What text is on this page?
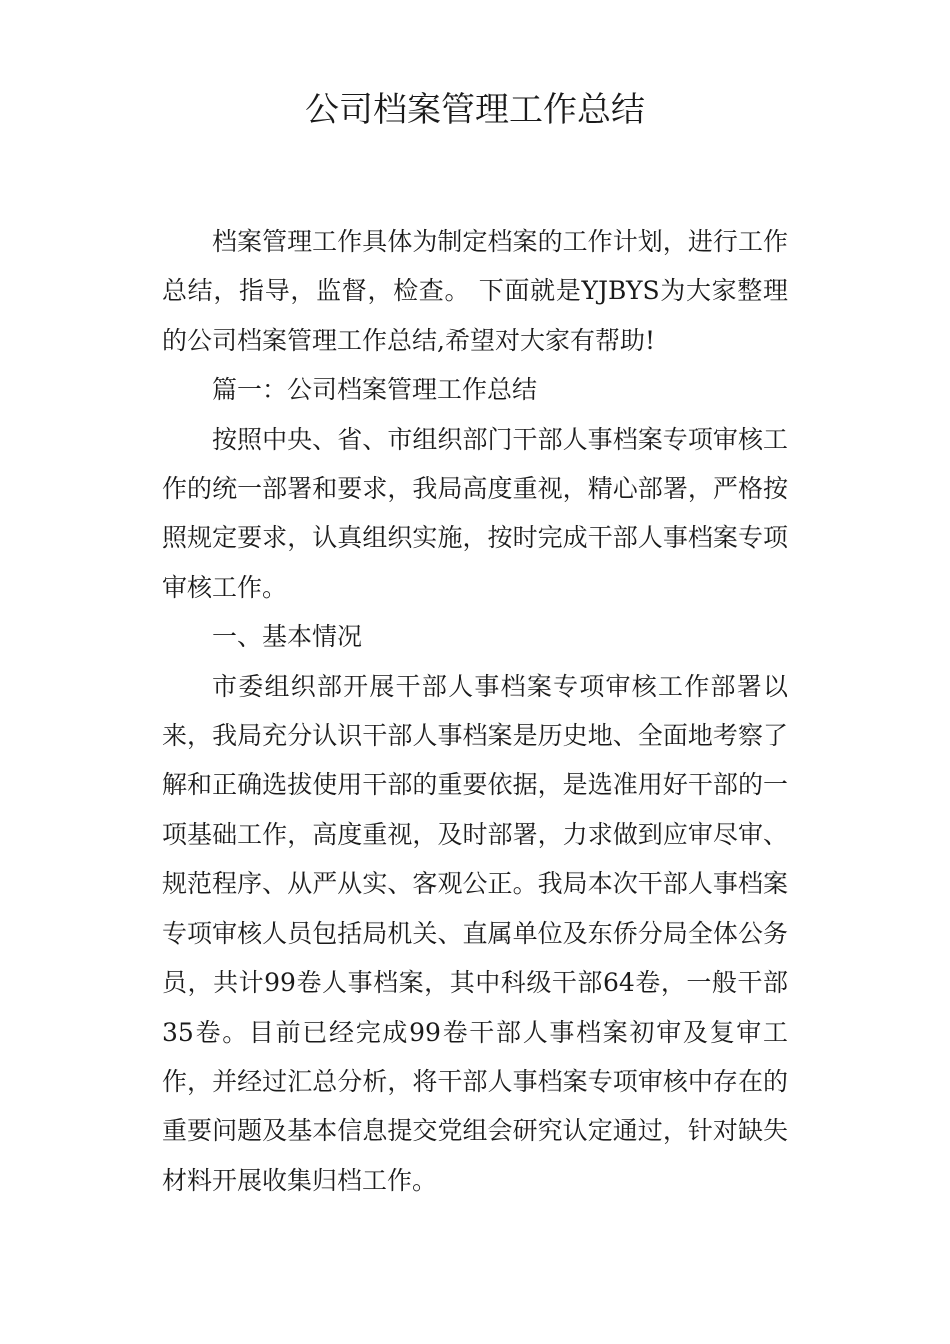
公司档案管理工作总结

档案管理工作具体为制定档案的工作计划，进行工作总结，指导，监督，检查。 下面就是YJBYS为大家整理的公司档案管理工作总结,希望对大家有帮助!

篇一：公司档案管理工作总结

按照中央、省、市组织部门干部人事档案专项审核工作的统一部署和要求，我局高度重视，精心部署，严格按照规定要求，认真组织实施，按时完成干部人事档案专项审核工作。

一、基本情况

市委组织部开展干部人事档案专项审核工作部署以来，我局充分认识干部人事档案是历史地、全面地考察了解和正确选拔使用干部的重要依据，是选准用好干部的一项基础工作，高度重视，及时部署，力求做到应审尽审、规范程序、从严从实、客观公正。我局本次干部人事档案专项审核人员包括局机关、直属单位及东侨分局全体公务员，共计99卷人事档案，其中科级干部64卷，一般干部35卷。目前已经完成99卷干部人事档案初审及复审工作，并经过汇总分析，将干部人事档案专项审核中存在的重要问题及基本信息提交党组会研究认定通过，针对缺失材料开展收集归档工作。
